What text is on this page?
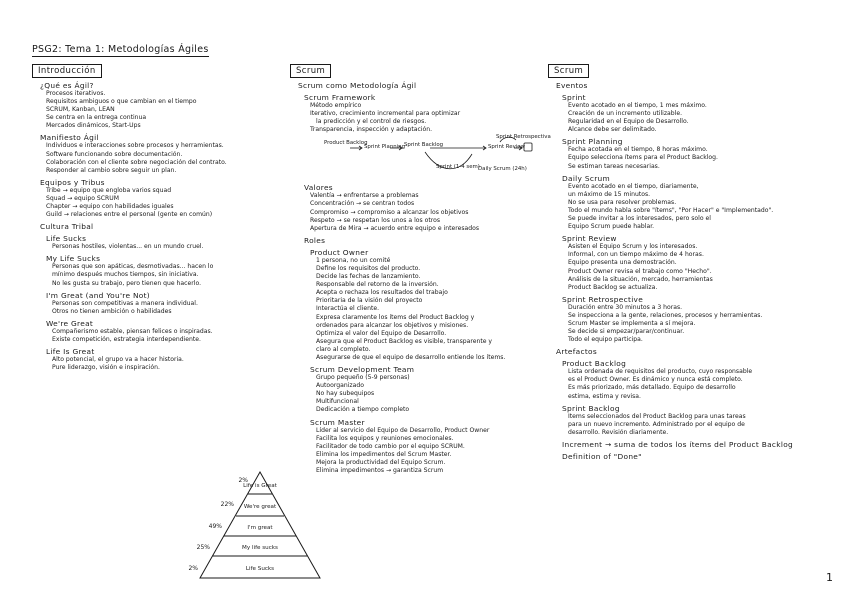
PSG2: Tema 1: Metodologías Ágiles
Introducción
¿Qué es Ágil?
Procesos iterativos.
Requisitos ambiguos o que cambian en el tiempo
SCRUM, Kanban, LEAN
Se centra en la entrega continua
Mercados dinámicos, Start-Ups
Manifiesto Ágil
Individuos e interacciones sobre procesos y herramientas.
Software funcionando sobre documentación.
Colaboración con el cliente sobre negociación del contrato.
Responder al cambio sobre seguir un plan.
Equipos y Tribus
Tribe → equipo que engloba varios squad
Squad → equipo SCRUM
Chapter → equipo con habilidades iguales
Guild → relaciones entre el personal (gente en común)
Cultura Tribal
Life Sucks
Personas hostiles, violentas... en un mundo cruel.
My Life Sucks
Personas que son apáticas, desmotivadas... hacen lo
mínimo después muchos tiempos, sin iniciativa.
No les gusta su trabajo, pero tienen que hacerlo.
I'm Great (and You're Not)
Personas son competitivas a manera individual.
Otros no tienen ambición o habilidades
We're Great
Compañerismo estable, piensan felices o inspiradas.
Existe competición, estrategia interdependiente.
Life Is Great
Alto potencial, el grupo va a hacer historia.
Pure liderazgo, visión e inspiración.
Life is Great
We're great
I'm great
My life sucks
Life Sucks
2%
22%
49%
25%
2%
Scrum
Scrum como Metodología Ágil
Scrum Framework
Método empírico
Iterativo, crecimiento incremental para optimizar
la predicción y el control de riesgos.
Transparencia, inspección y adaptación.
Product Backlog
Sprint Planning
Sprint Backlog	Sprint Review
Sprint Retrospectiva
Sprint (1-4 sem)
Daily Scrum (24h)
Valores
Valentía → enfrentarse a problemas
Concentración → se centran todos
Compromiso → compromiso a alcanzar los objetivos
Respeto → se respetan los unos a los otros
Apertura de Mira → acuerdo entre equipo e interesados
Roles
Product Owner
1 persona, no un comité
Define los requisitos del producto.
Decide las fechas de lanzamiento.
Responsable del retorno de la inversión.
Acepta o rechaza los resultados del trabajo
Prioritaria de la visión del proyecto
Interactúa el cliente.
Expresa claramente los ítems del Product Backlog y
ordenados para alcanzar los objetivos y misiones.
Optimiza el valor del Equipo de Desarrollo.
Asegura que el Product Backlog es visible, transparente y
claro al completo.
Asegurarse de que el equipo de desarrollo entiende los ítems.
Scrum Development Team
Grupo pequeño (5-9 personas)
Autoorganizado
No hay subequipos
Multifuncional
Dedicación a tiempo completo
Scrum Master
Líder al servicio del Equipo de Desarrollo, Product Owner
Facilita los equipos y reuniones emocionales.
Facilitador de todo cambio por el equipo SCRUM.
Elimina los impedimentos del Scrum Master.
Mejora la productividad del Equipo Scrum.
Elimina impedimentos → garantiza Scrum
Scrum
Eventos
Sprint
Evento acotado en el tiempo, 1 mes máximo.
Creación de un incremento utilizable.
Regularidad en el Equipo de Desarrollo.
Alcance debe ser delimitado.
Sprint Planning
Fecha acotada en el tiempo, 8 horas máximo.
Equipo selecciona ítems para el Product Backlog.
Se estiman tareas necesarias.
Daily Scrum
Evento acotado en el tiempo, diariamente,
un máximo de 15 minutos.
No se usa para resolver problemas.
Todo el mundo habla sobre "ítems", "Por Hacer" e "Implementado".
Se puede invitar a los interesados, pero solo el
Equipo Scrum puede hablar.
Sprint Review
Asisten el Equipo Scrum y los interesados.
Informal, con un tiempo máximo de 4 horas.
Equipo presenta una demostración.
Product Owner revisa el trabajo como "Hecho".
Análisis de la situación, mercado, herramientas
Product Backlog se actualiza.
Sprint Retrospective
Duración entre 30 minutos a 3 horas.
Se inspecciona a la gente, relaciones, procesos y herramientas.
Scrum Master se implementa a sí mejora.
Se decide si empezar/parar/continuar.
Todo el equipo participa.
Artefactos
Product Backlog
Lista ordenada de requisitos del producto, cuyo responsable
es el Product Owner. Es dinámico y nunca está completo.
Es más priorizado, más detallado. Equipo de desarrollo
estima, estima y revisa.
Sprint Backlog
Ítems seleccionados del Product Backlog para unas tareas
para un nuevo incremento. Administrado por el equipo de
desarrollo. Revisión diariamente.
Increment → suma de todos los ítems del Product Backlog
Definition of "Done"
1
